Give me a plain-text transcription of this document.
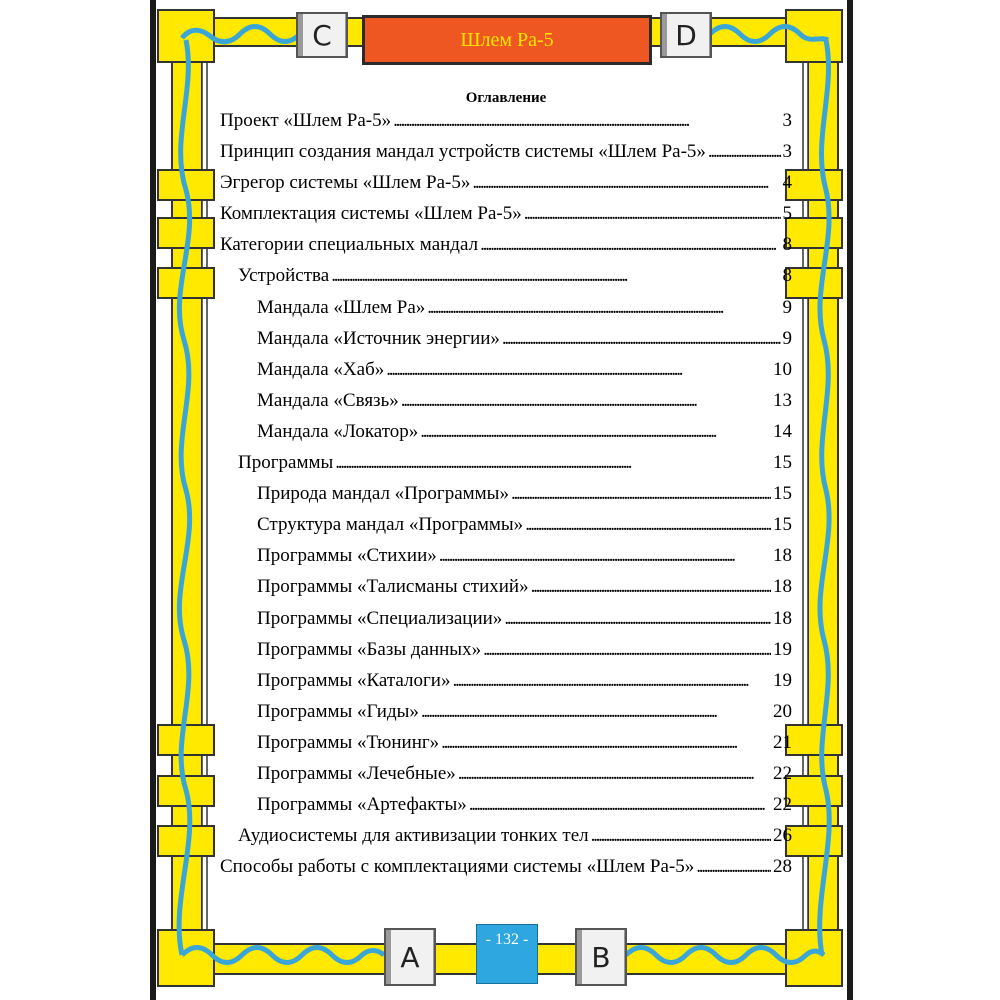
C	D
A	B
Шлем Ра-5
Оглавление
Проект «Шлем Ра-5» . . .	3
Принцип создания мандал устройств системы «Шлем Ра-5» . . .	3
Эгрегор системы «Шлем Ра-5» . . .	4
Комплектация системы «Шлем Ра-5» . . .	5
Категории специальных мандал . . .	8
Устройства . . .	8
Мандала «Шлем Ра» . . .	9
Мандала «Источник энергии» . . .	9
Мандала «Хаб» . . .	10
Мандала «Связь» . . .	13
Мандала «Локатор» . . .	14
Программы . . .	15
Природа мандал «Программы» . . .	15
Структура мандал «Программы» . . .	15
Программы «Стихии» . . .	18
Программы «Талисманы стихий» . . .	18
Программы «Специализации» . . .	18
Программы «Базы данных» . . .	19
Программы «Каталоги» . . .	19
Программы «Гиды» . . .	20
Программы «Тюнинг» . . .	21
Программы «Лечебные» . . .	22
Программы «Артефакты» . . .	22
Аудиосистемы для активизации тонких тел . . .	26
Способы работы с комплектациями системы «Шлем Ра-5» . . .	28
- 132 -
